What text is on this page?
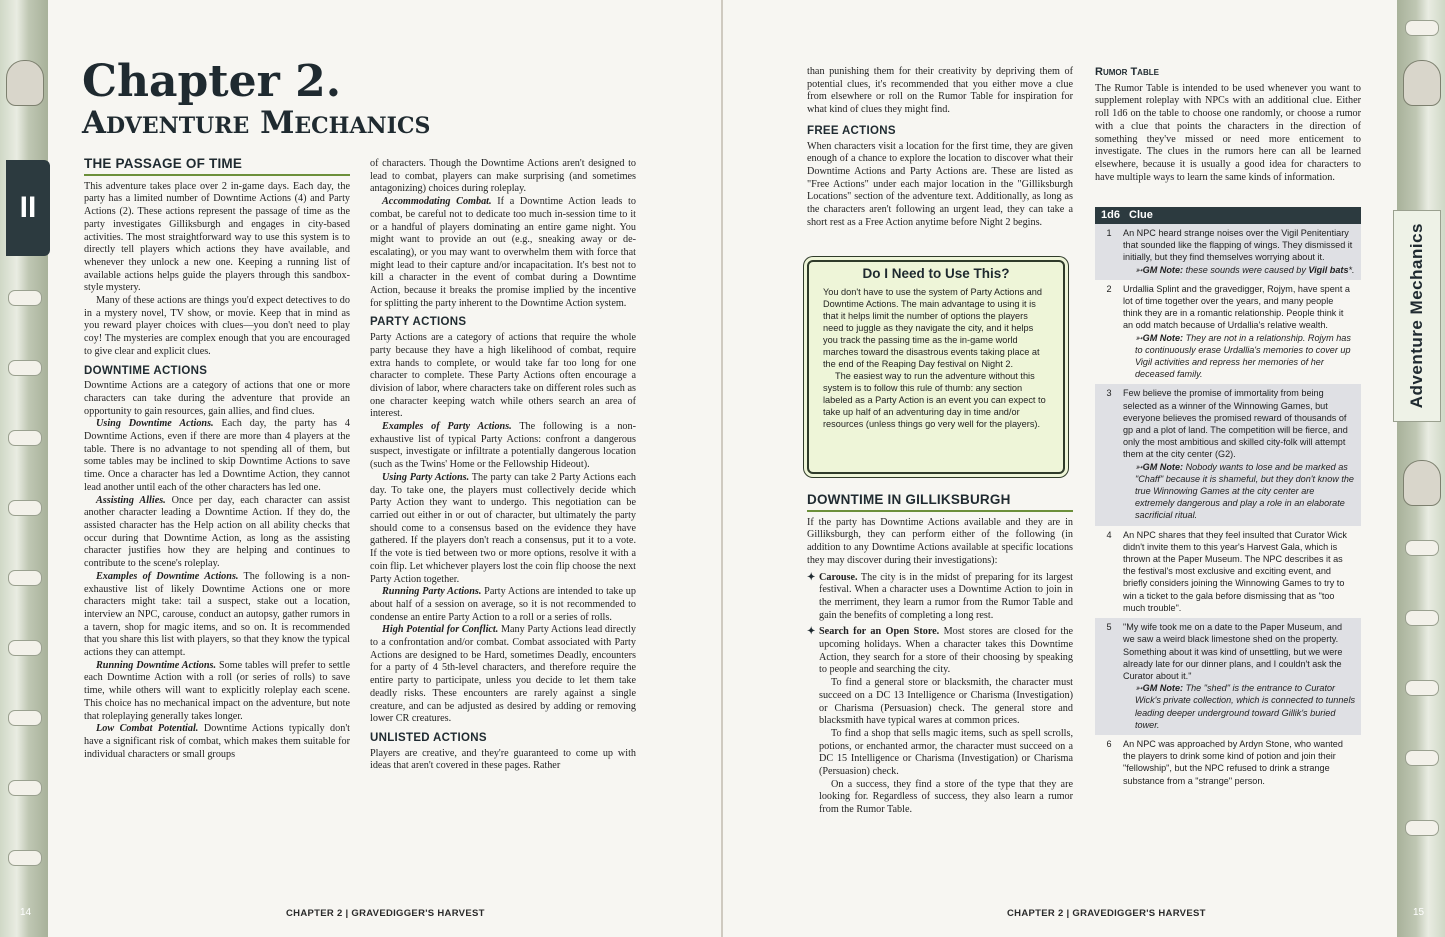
II
Chapter 2.
Adventure Mechanics
THE PASSAGE OF TIME

This adventure takes place over 2 in-game days. Each day, the party has a limited number of Downtime Actions (4) and Party Actions (2). These actions represent the passage of time as the party investigates Gilliksburgh and engages in city-based activities. The most straightforward way to use this system is to directly tell players which actions they have available, and whenever they unlock a new one. Keeping a running list of available actions helps guide the players through this sandbox-style mystery.

Many of these actions are things you'd expect detectives to do in a mystery novel, TV show, or movie. Keep that in mind as you reward player choices with clues—you don't need to play coy! The mysteries are complex enough that you are encouraged to give clear and explicit clues.

DOWNTIME ACTIONS

Downtime Actions are a category of actions that one or more characters can take during the adventure that provide an opportunity to gain resources, gain allies, and find clues.

Using Downtime Actions. Each day, the party has 4 Downtime Actions, even if there are more than 4 players at the table. There is no advantage to not spending all of them, but some tables may be inclined to skip Downtime Actions to save time. Once a character has led a Downtime Action, they cannot lead another until each of the other characters has led one.

Assisting Allies. Once per day, each character can assist another character leading a Downtime Action. If they do, the assisted character has the Help action on all ability checks that occur during that Downtime Action, as long as the assisting character justifies how they are helping and continues to contribute to the scene's roleplay.

Examples of Downtime Actions. The following is a non-exhaustive list of likely Downtime Actions one or more characters might take: tail a suspect, stake out a location, interview an NPC, carouse, conduct an autopsy, gather rumors in a tavern, shop for magic items, and so on. It is recommended that you share this list with players, so that they know the typical actions they can attempt.

Running Downtime Actions. Some tables will prefer to settle each Downtime Action with a roll (or series of rolls) to save time, while others will want to explicitly roleplay each scene. This choice has no mechanical impact on the adventure, but note that roleplaying generally takes longer.

Low Combat Potential. Downtime Actions typically don't have a significant risk of combat, which makes them suitable for individual characters or small groups

of characters. Though the Downtime Actions aren't designed to lead to combat, players can make surprising (and sometimes antagonizing) choices during roleplay.

Accommodating Combat. If a Downtime Action leads to combat, be careful not to dedicate too much in-session time to it or a handful of players dominating an entire game night. You might want to provide an out (e.g., sneaking away or de-escalating), or you may want to overwhelm them with force that might lead to their capture and/or incapacitation. It's best not to kill a character in the event of combat during a Downtime Action, because it breaks the promise implied by the incentive for splitting the party inherent to the Downtime Action system.

PARTY ACTIONS

Party Actions are a category of actions that require the whole party because they have a high likelihood of combat, require extra hands to complete, or would take far too long for one character to complete. These Party Actions often encourage a division of labor, where characters take on different roles such as one character keeping watch while others search an area of interest.

Examples of Party Actions. The following is a non-exhaustive list of typical Party Actions: confront a dangerous suspect, investigate or infiltrate a potentially dangerous location (such as the Twins' Home or the Fellowship Hideout).

Using Party Actions. The party can take 2 Party Actions each day. To take one, the players must collectively decide which Party Action they want to undergo. This negotiation can be carried out either in or out of character, but ultimately the party should come to a consensus based on the evidence they have gathered. If the players don't reach a consensus, put it to a vote. If the vote is tied between two or more options, resolve it with a coin flip. Let whichever players lost the coin flip choose the next Party Action together.

Running Party Actions. Party Actions are intended to take up about half of a session on average, so it is not recommended to condense an entire Party Action to a roll or a series of rolls.

High Potential for Conflict. Many Party Actions lead directly to a confrontation and/or combat. Combat associated with Party Actions are designed to be Hard, sometimes Deadly, encounters for a party of 4 5th-level characters, and therefore require the entire party to participate, unless you decide to let them take deadly risks. These encounters are rarely against a single creature, and can be adjusted as desired by adding or removing lower CR creatures.

UNLISTED ACTIONS

Players are creative, and they're guaranteed to come up with ideas that aren't covered in these pages. Rather

14	CHAPTER 2 | GRAVEDIGGER'S HARVEST
Adventure Mechanics

than punishing them for their creativity by depriving them of potential clues, it's recommended that you either move a clue from elsewhere or roll on the Rumor Table for inspiration for what kind of clues they might find.

FREE ACTIONS

When characters visit a location for the first time, they are given enough of a chance to explore the location to discover what their Downtime Actions and Party Actions are. These are listed as "Free Actions" under each major location in the "Gilliksburgh Locations" section of the adventure text. Additionally, as long as the characters aren't following an urgent lead, they can take a short rest as a Free Action anytime before Night 2 begins.

Do I Need to Use This?

You don't have to use the system of Party Actions and Downtime Actions. The main advantage to using it is that it helps limit the number of options the players need to juggle as they navigate the city, and it helps you track the passing time as the in-game world marches toward the disastrous events taking place at the end of the Reaping Day festival on Night 2.

The easiest way to run the adventure without this system is to follow this rule of thumb: any section labeled as a Party Action is an event you can expect to take up half of an adventuring day in time and/or resources (unless things go very well for the players).

DOWNTIME IN GILLIKSBURGH

If the party has Downtime Actions available and they are in Gilliksburgh, they can perform either of the following (in addition to any Downtime Actions available at specific locations they may discover during their investigations):

✦ Carouse. The city is in the midst of preparing for its largest festival. When a character uses a Downtime Action to join in the merriment, they learn a rumor from the Rumor Table and gain the benefits of completing a long rest.
✦ Search for an Open Store. Most stores are closed for the upcoming holidays. When a character takes this Downtime Action, they search for a store of their choosing by speaking to people and searching the city.

To find a general store or blacksmith, the character must succeed on a DC 13 Intelligence or Charisma (Investigation) or Charisma (Persuasion) check. The general store and blacksmith have typical wares at common prices.

To find a shop that sells magic items, such as spell scrolls, potions, or enchanted armor, the character must succeed on a DC 15 Intelligence or Charisma (Investigation) or Charisma (Persuasion) check.

On a success, they find a store of the type that they are looking for. Regardless of success, they also learn a rumor from the Rumor Table.

Rumor Table

The Rumor Table is intended to be used whenever you want to supplement roleplay with NPCs with an additional clue. Either roll 1d6 on the table to choose one randomly, or choose a rumor with a clue that points the characters in the direction of something they've missed or need more enticement to investigate. The clues in the rumors here can all be learned elsewhere, because it is usually a good idea for characters to have multiple ways to learn the same kinds of information.

1d6 Clue
1	An NPC heard strange noises over the Vigil Penitentiary that sounded like the flapping of wings. They dismissed it initially, but they find themselves worrying about it.
➳GM Note: these sounds were caused by Vigil bats*.
2	Urdallia Splint and the gravedigger, Rojym, have spent a lot of time together over the years, and many people think they are in a romantic relationship. People think it an odd match because of Urdallia's relative wealth.
➳GM Note: They are not in a relationship. Rojym has to continuously erase Urdallia's memories to cover up Vigil activities and repress her memories of her deceased family.
3	Few believe the promise of immortality from being selected as a winner of the Winnowing Games, but everyone believes the promised reward of thousands of gp and a plot of land. The competition will be fierce, and only the most ambitious and skilled city-folk will attempt them at the city center (G2).
➳GM Note: Nobody wants to lose and be marked as "Chaff" because it is shameful, but they don't know the true Winnowing Games at the city center are extremely dangerous and play a role in an elaborate sacrificial ritual.
4	An NPC shares that they feel insulted that Curator Wick didn't invite them to this year's Harvest Gala, which is thrown at the Paper Museum. The NPC describes it as the festival's most exclusive and exciting event, and briefly considers joining the Winnowing Games to try to win a ticket to the gala before dismissing that as "too much trouble".
5	"My wife took me on a date to the Paper Museum, and we saw a weird black limestone shed on the property. Something about it was kind of unsettling, but we were already late for our dinner plans, and I couldn't ask the Curator about it."
➳GM Note: The "shed" is the entrance to Curator Wick's private collection, which is connected to tunnels leading deeper underground toward Gillik's buried tower.
6	An NPC was approached by Ardyn Stone, who wanted the players to drink some kind of potion and join their "fellowship", but the NPC refused to drink a strange substance from a "strange" person.
CHAPTER 2 | GRAVEDIGGER'S HARVEST	15
